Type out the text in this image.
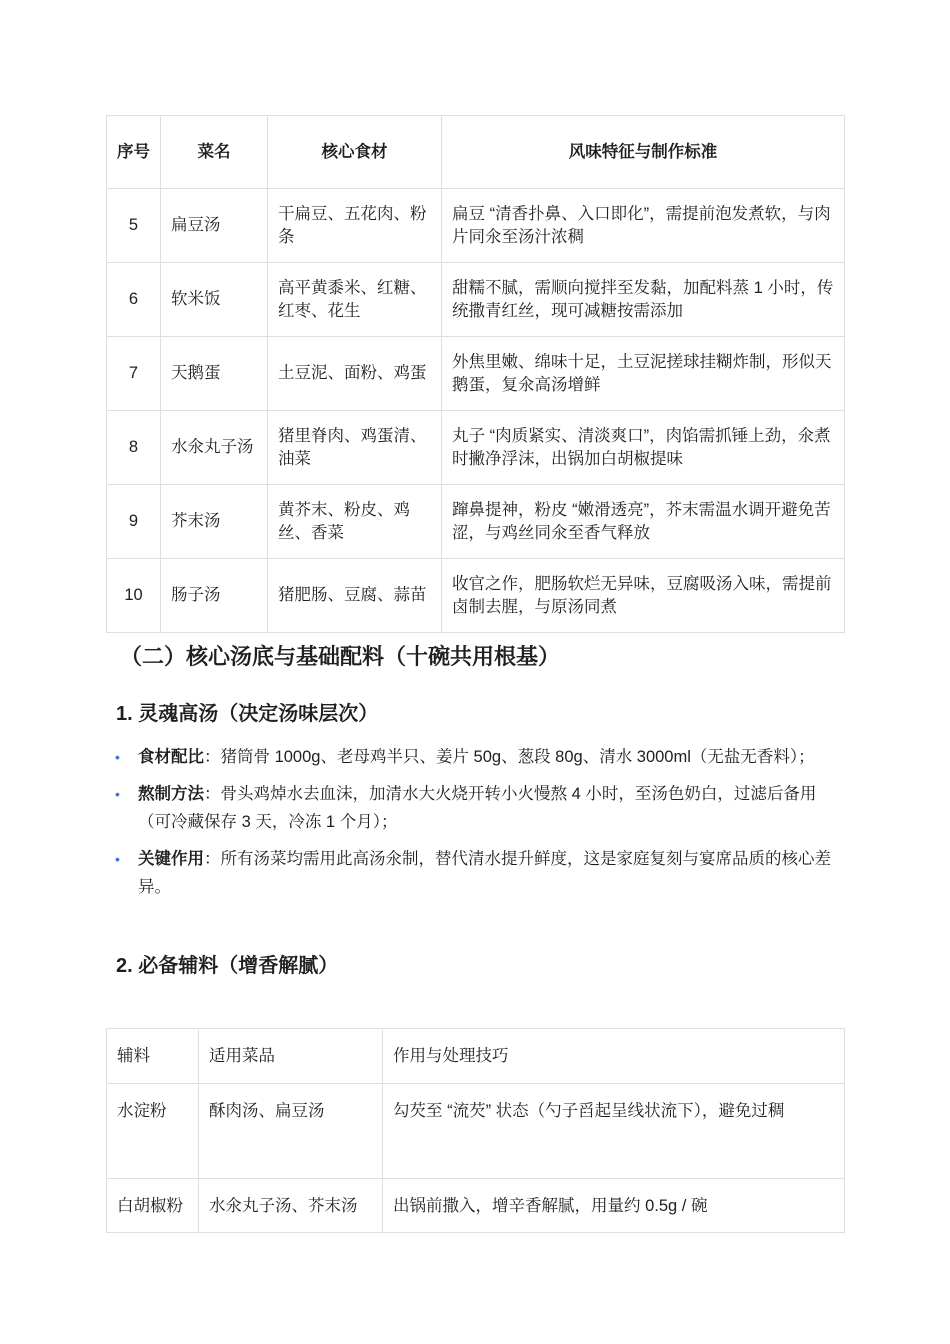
序号	菜名	核心食材	风味特征与制作标准
5	扁豆汤	干扁豆、五花肉、粉条	扁豆 “清香扑鼻、入口即化”，需提前泡发煮软，与肉片同氽至汤汁浓稠
6	软米饭	高平黄黍米、红糖、红枣、花生	甜糯不腻，需顺向搅拌至发黏，加配料蒸 1 小时，传统撒青红丝，现可减糖按需添加
7	天鹅蛋	土豆泥、面粉、鸡蛋	外焦里嫩、绵味十足，土豆泥搓球挂糊炸制，形似天鹅蛋，复氽高汤增鲜
8	水氽丸子汤	猪里脊肉、鸡蛋清、油菜	丸子 “肉质紧实、清淡爽口”，肉馅需抓锤上劲，氽煮时撇净浮沫，出锅加白胡椒提味
9	芥末汤	黄芥末、粉皮、鸡丝、香菜	蹿鼻提神，粉皮 “嫩滑透亮”，芥末需温水调开避免苦涩，与鸡丝同氽至香气释放
10	肠子汤	猪肥肠、豆腐、蒜苗	收官之作，肥肠软烂无异味，豆腐吸汤入味，需提前卤制去腥，与原汤同煮
（二）核心汤底与基础配料（十碗共用根基）
1. 灵魂高汤（决定汤味层次）
• 食材配比：猪筒骨 1000g、老母鸡半只、姜片 50g、葱段 80g、清水 3000ml（无盐无香料）；
• 熬制方法：骨头鸡焯水去血沫，加清水大火烧开转小火慢熬 4 小时，至汤色奶白，过滤后备用（可冷藏保存 3 天，冷冻 1 个月）；
• 关键作用：所有汤菜均需用此高汤氽制，替代清水提升鲜度，这是家庭复刻与宴席品质的核心差异。
2. 必备辅料（增香解腻）
辅料	适用菜品	作用与处理技巧
水淀粉	酥肉汤、扁豆汤	勾芡至 “流芡” 状态（勺子舀起呈线状流下），避免过稠
白胡椒粉	水氽丸子汤、芥末汤	出锅前撒入，增辛香解腻，用量约 0.5g / 碗
